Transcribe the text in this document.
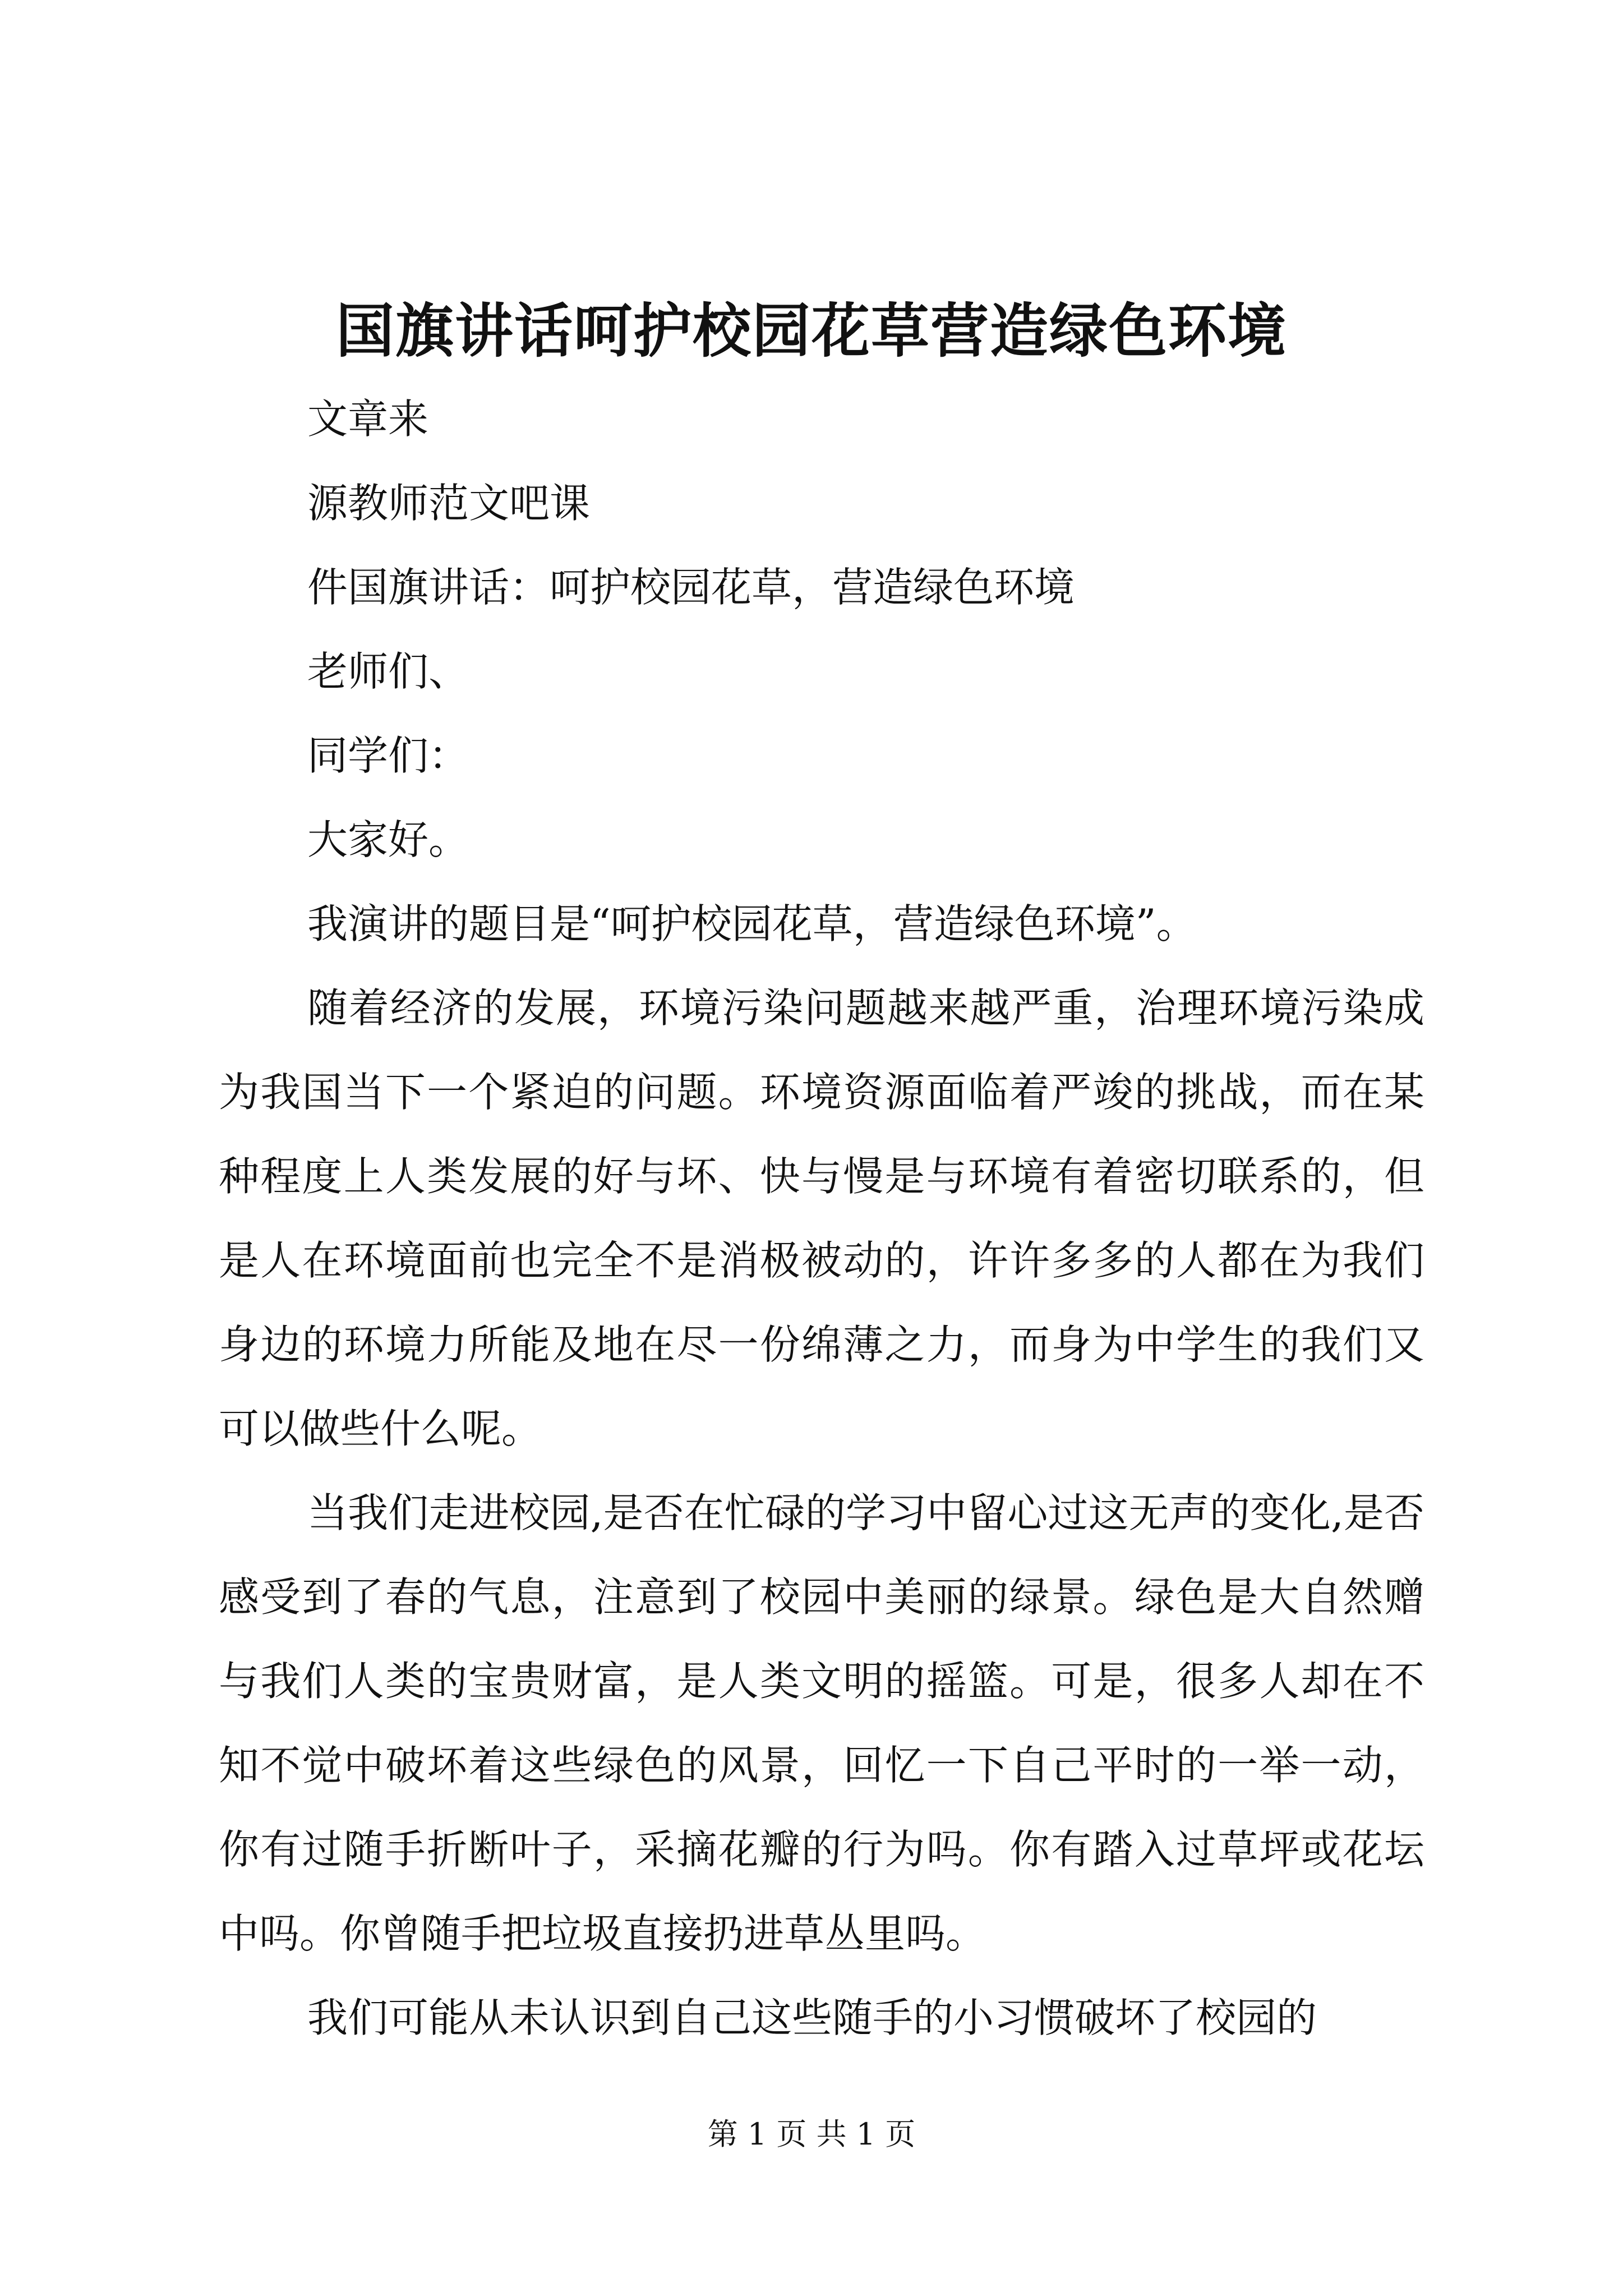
国旗讲话呵护校园花草营造绿色环境
文章来
源教师范文吧课
件国旗讲话：呵护校园花草，营造绿色环境
老师们、
同学们：
大家好。
我演讲的题目是“呵护校园花草，营造绿色环境”。

随着经济的发展，环境污染问题越来越严重，治理环境污染成为我国当下一个紧迫的问题。环境资源面临着严竣的挑战，而在某种程度上人类发展的好与坏、快与慢是与环境有着密切联系的，但是人在环境面前也完全不是消极被动的，许许多多的人都在为我们身边的环境力所能及地在尽一份绵薄之力，而身为中学生的我们又可以做些什么呢。

当我们走进校园,是否在忙碌的学习中留心过这无声的变化,是否感受到了春的气息，注意到了校园中美丽的绿景。绿色是大自然赠与我们人类的宝贵财富，是人类文明的摇篮。可是，很多人却在不知不觉中破坏着这些绿色的风景，回忆一下自己平时的一举一动，你有过随手折断叶子，采摘花瓣的行为吗。你有踏入过草坪或花坛中吗。你曾随手把垃圾直接扔进草丛里吗。

我们可能从未认识到自己这些随手的小习惯破坏了校园的

第 1 页 共 1 页
